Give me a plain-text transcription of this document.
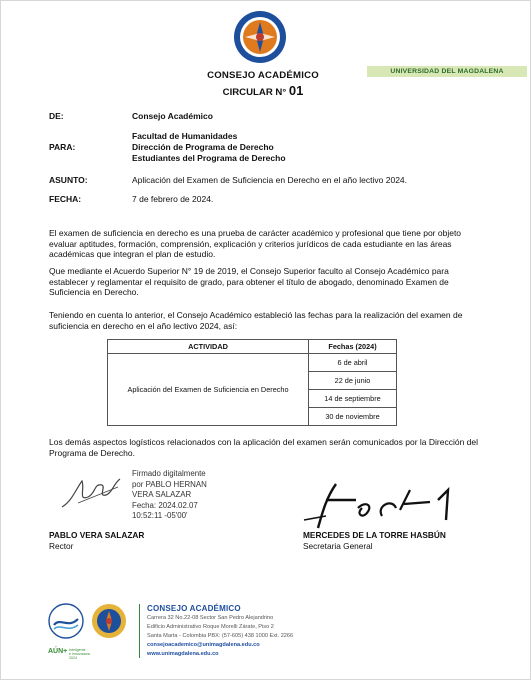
CONSEJO ACADÉMICO
CIRCULAR N° 01
UNIVERSIDAD DEL MAGDALENA
DE:	Consejo Académico
PARA:
Facultad de Humanidades
Dirección de Programa de Derecho
Estudiantes del Programa de Derecho
ASUNTO:	Aplicación del Examen de Suficiencia en Derecho en el año lectivo 2024.
FECHA:	7 de febrero de 2024.
El examen de suficiencia en derecho es una prueba de carácter académico y profesional que tiene por objeto evaluar aptitudes, formación, comprensión, explicación y criterios jurídicos de cada estudiante en las áreas académicas que integran el plan de estudio.
Que mediante el Acuerdo Superior N° 19 de 2019, el Consejo Superior faculto al Consejo Académico para establecer y reglamentar el requisito de grado, para obtener el título de abogado, denominado Examen de Suficiencia en Derecho.
Teniendo en cuenta lo anterior, el Consejo Académico estableció las fechas para la realización del examen de suficiencia en derecho en el año lectivo 2024, así:
ACTIVIDAD	Fechas (2024)
Aplicación del Examen de Suficiencia en Derecho	6 de abril
	22 de junio
	14 de septiembre
	30 de noviembre
Los demás aspectos logísticos relacionados con la aplicación del examen serán comunicados por la Dirección del Programa de Derecho.
Firmado digitalmente
por PABLO HERNAN
VERA SALAZAR
Fecha: 2024.02.07
10:52:11 -05'00'
PABLO VERA SALAZAR
Rector
MERCEDES DE LA TORRE HASBÚN
Secretaria General
AÚN+ Inteligente
e innovadora
2024
CONSEJO ACADÉMICO
Carrera 32 No.22-08 Sector San Pedro Alejandrino
Edificio Administrativo Roque Morelli Zárate, Piso 2
Santa Marta - Colombia PBX: (57-605) 438 1000 Ext. 2266
consejoacademico@unimagdalena.edu.co
www.unimagdalena.edu.co
